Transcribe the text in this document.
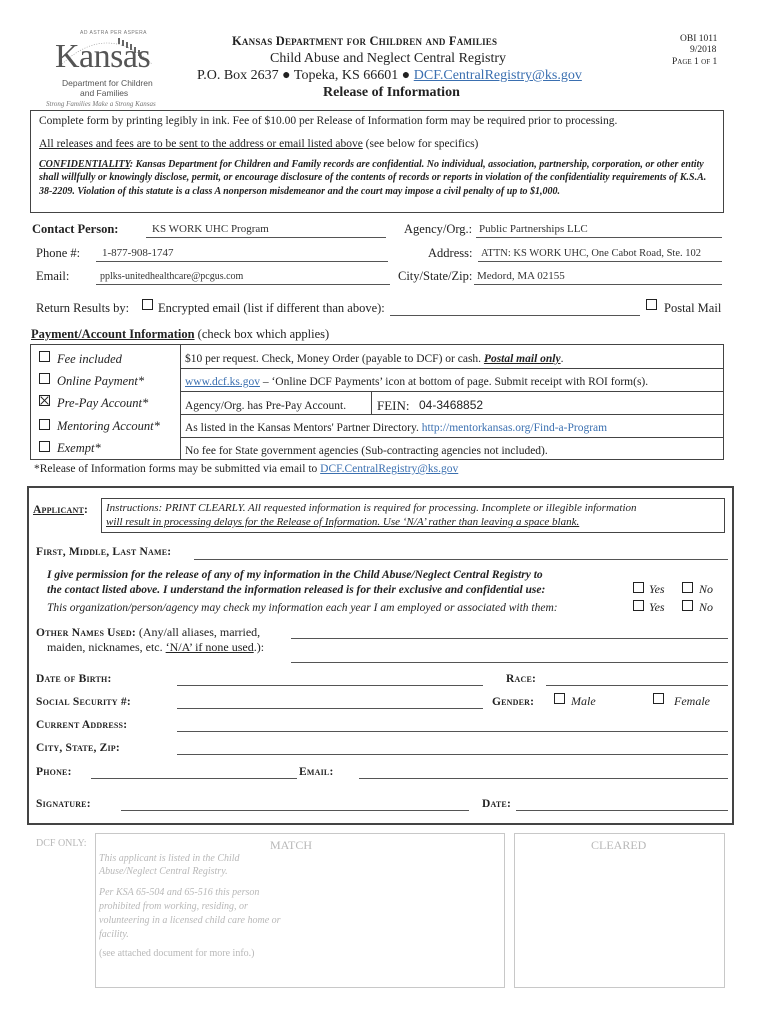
AD ASTRA PER ASPERA
Kansas
Department for Children
and Families
Strong Families Make a Strong Kansas
Kansas Department for Children and Families
Child Abuse and Neglect Central Registry
P.O. Box 2637 ● Topeka, KS 66601 ● DCF.CentralRegistry@ks.gov
Release of Information
OBI 1011
9/2018
Page 1 of 1
Complete form by printing legibly in ink. Fee of $10.00 per Release of Information form may be required prior to processing.
All releases and fees are to be sent to the address or email listed above (see below for specifics)
CONFIDENTIALITY: Kansas Department for Children and Family records are confidential. No individual, association, partnership, corporation, or other entity shall willfully or knowingly disclose, permit, or encourage disclosure of the contents of records or reports in violation of the confidentiality requirements of K.S.A. 38-2209. Violation of this statute is a class A nonperson misdemeanor and the court may impose a civil penalty of up to $1,000.
Contact Person:	KS WORK UHC Program	Agency/Org.: Public Partnerships LLC
Phone #:	1-877-908-1747	Address: ATTN: KS WORK UHC, One Cabot Road, Ste. 102
Email:	pplks-unitedhealthcare@pcgus.com	City/State/Zip: Medord, MA 02155
Return Results by: Encrypted email (list if different than above):	Postal Mail
Payment/Account Information (check box which applies)
Fee included	$10 per request. Check, Money Order (payable to DCF) or cash. Postal mail only.
Online Payment*	www.dcf.ks.gov – ‘Online DCF Payments’ icon at bottom of page. Submit receipt with ROI form(s).
Pre-Pay Account*	Agency/Org. has Pre-Pay Account. FEIN: 04-3468852
Mentoring Account* As listed in the Kansas Mentors' Partner Directory. http://mentorkansas.org/Find-a-Program
Exempt*	No fee for State government agencies (Sub-contracting agencies not included).
*Release of Information forms may be submitted via email to DCF.CentralRegistry@ks.gov
Applicant: Instructions: PRINT CLEARLY. All requested information is required for processing. Incomplete or illegible information
will result in processing delays for the Release of Information. Use ‘N/A’ rather than leaving a space blank.
First, Middle, Last Name:
I give permission for the release of any of my information in the Child Abuse/Neglect Central Registry to
the contact listed above. I understand the information released is for their exclusive and confidential use:
This organization/person/agency may check my information each year I am employed or associated with them:
Yes	No
Yes	No
Other Names Used: (Any/all aliases, married,
maiden, nicknames, etc. ‘N/A’ if none used.):
Date of Birth:	Race:
Social Security #:	Gender:	Male	Female
Current Address:
City, State, Zip:
Phone:	Email:
Signature:	Date:
DCF ONLY:	MATCH
This applicant is listed in the Child Abuse/Neglect Central Registry.
Per KSA 65-504 and 65-516 this person prohibited from working, residing, or volunteering in a licensed child care home or facility.
(see attached document for more info.)
CLEARED
